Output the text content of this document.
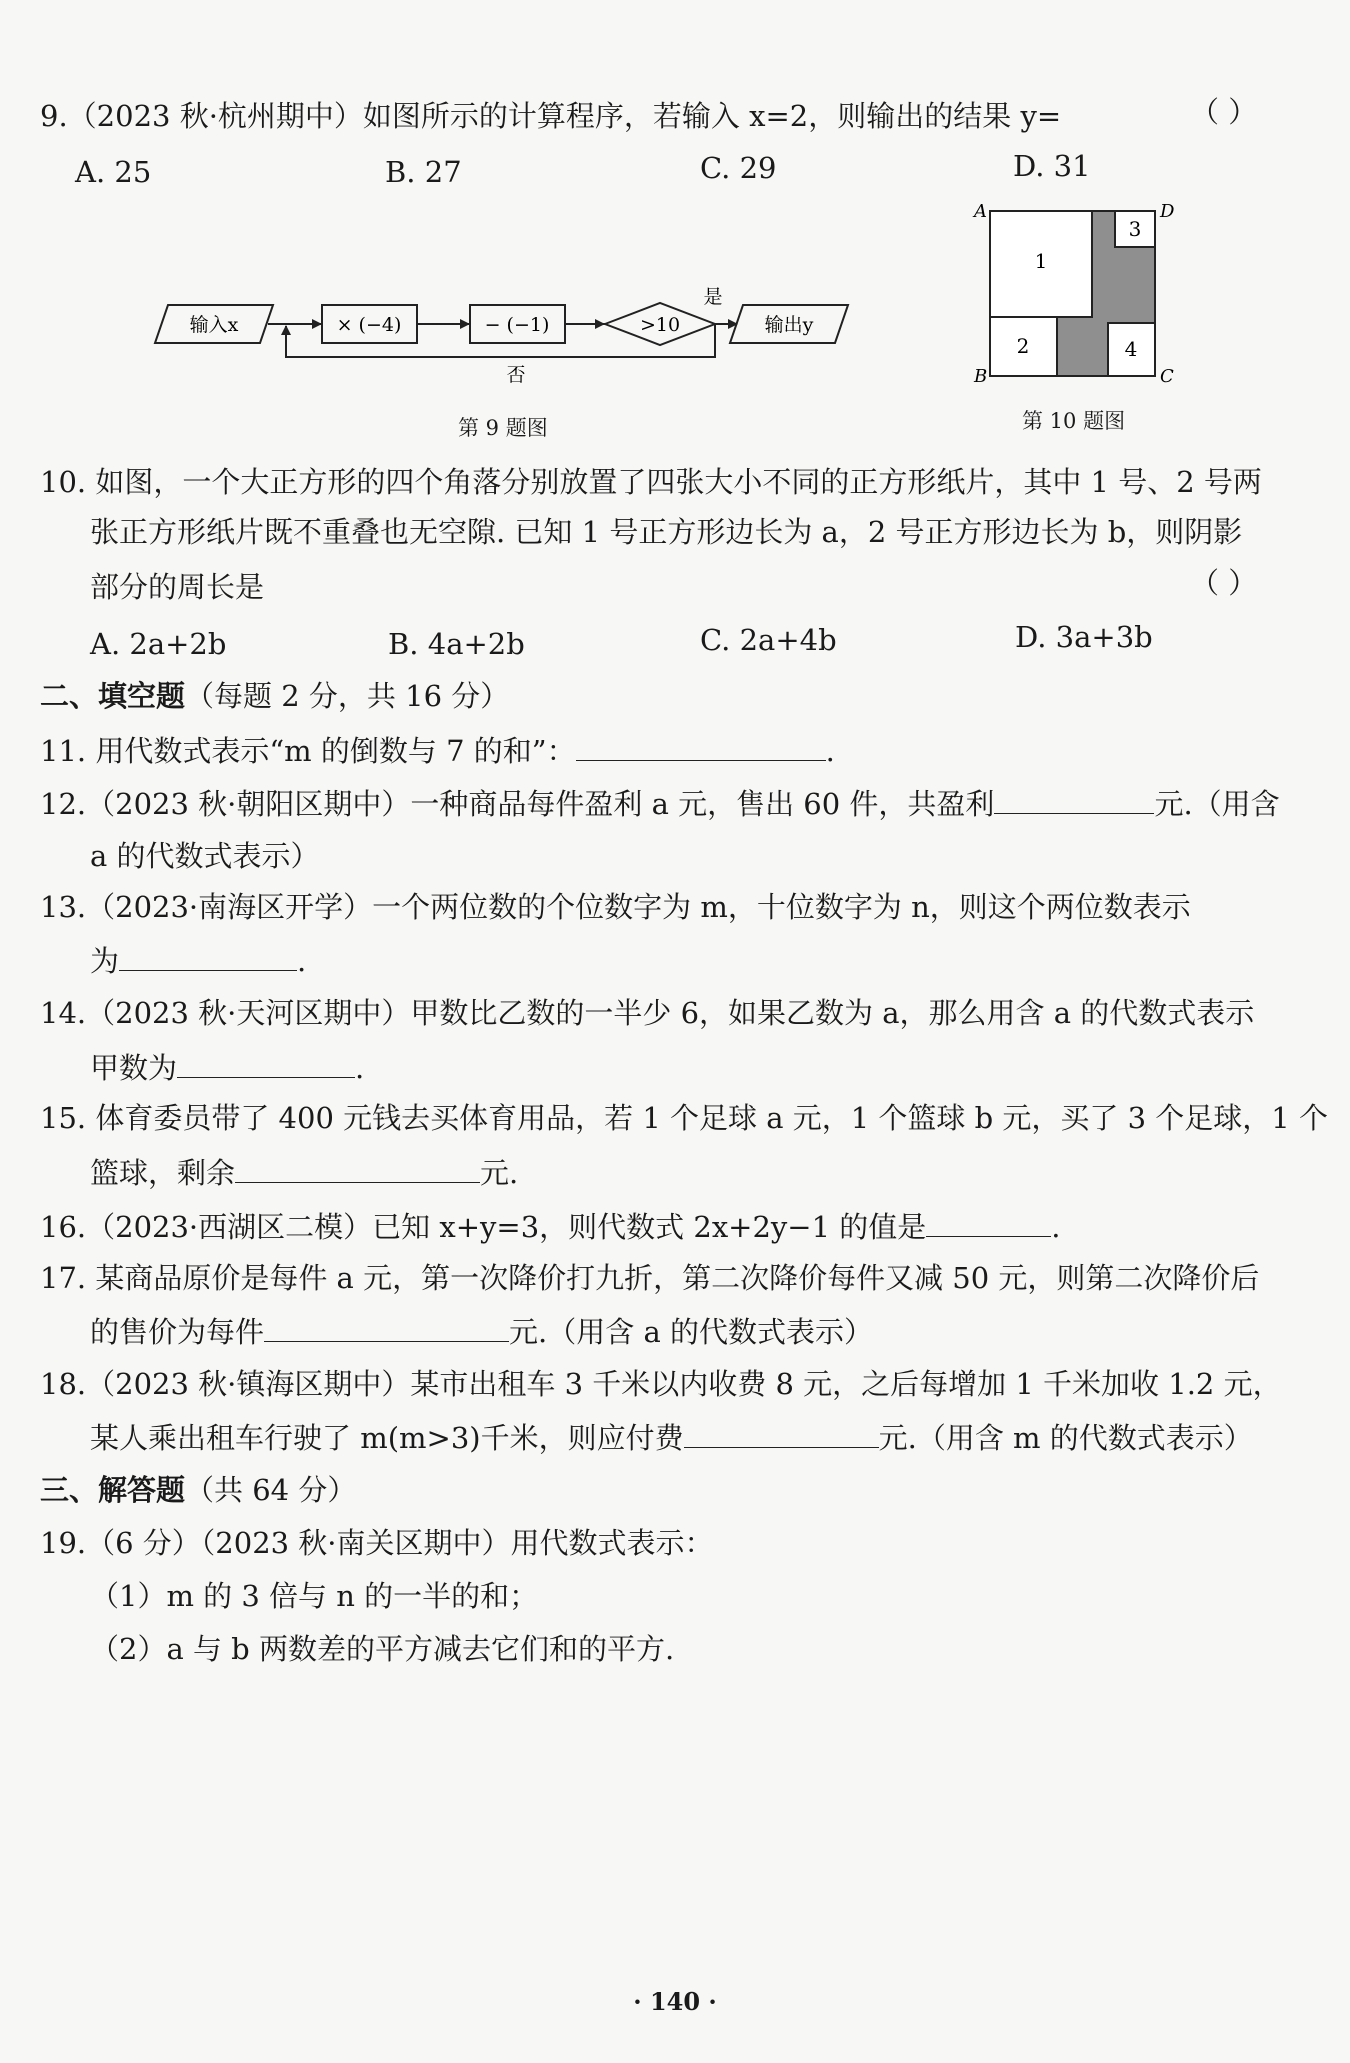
9.（2023 秋·杭州期中）如图所示的计算程序，若输入 x=2，则输出的结果 y=	（ ）
A. 25	B. 27	C. 29	D. 31
输入x	× (−4)	− (−1)	>10
是
输出y
否
第 9 题图
A	D
B	C
1
2
3
4
第 10 题图
10. 如图，一个大正方形的四个角落分别放置了四张大小不同的正方形纸片，其中 1 号、2 号两
张正方形纸片既不重叠也无空隙. 已知 1 号正方形边长为 a，2 号正方形边长为 b，则阴影
部分的周长是	（ ）
A. 2a+2b	B. 4a+2b	C. 2a+4b	D. 3a+3b
二、填空题（每题 2 分，共 16 分）
11. 用代数式表示“m 的倒数与 7 的和”：	.
12.（2023 秋·朝阳区期中）一种商品每件盈利 a 元，售出 60 件，共盈利	元.（用含
a 的代数式表示）
13.（2023·南海区开学）一个两位数的个位数字为 m，十位数字为 n，则这个两位数表示
为	.
14.（2023 秋·天河区期中）甲数比乙数的一半少 6，如果乙数为 a，那么用含 a 的代数式表示
甲数为	.
15. 体育委员带了 400 元钱去买体育用品，若 1 个足球 a 元，1 个篮球 b 元，买了 3 个足球，1 个
篮球，剩余	元.
16.（2023·西湖区二模）已知 x+y=3，则代数式 2x+2y−1 的值是	.
17. 某商品原价是每件 a 元，第一次降价打九折，第二次降价每件又减 50 元，则第二次降价后
的售价为每件	元.（用含 a 的代数式表示）
18.（2023 秋·镇海区期中）某市出租车 3 千米以内收费 8 元，之后每增加 1 千米加收 1.2 元，
某人乘出租车行驶了 m(m>3)千米，则应付费	元.（用含 m 的代数式表示）
三、解答题（共 64 分）
19.（6 分）（2023 秋·南关区期中）用代数式表示：
（1）m 的 3 倍与 n 的一半的和；
（2）a 与 b 两数差的平方减去它们和的平方.
· 140 ·
